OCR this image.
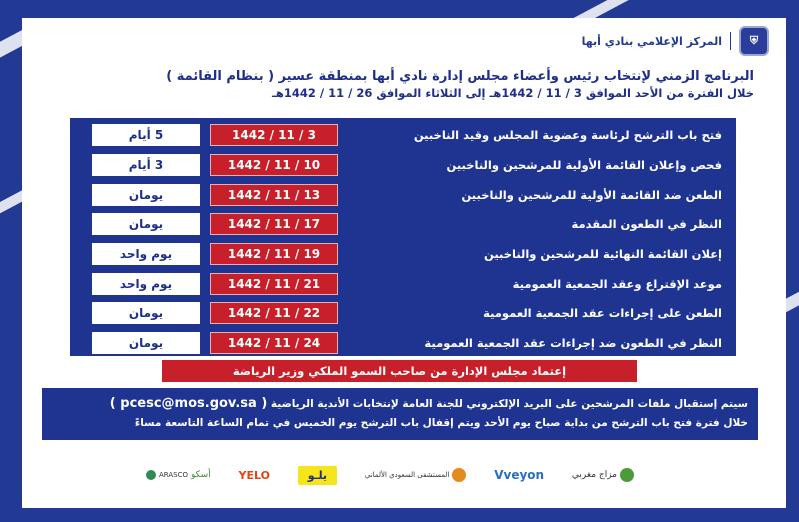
⛨
المركز الإعلامي بنادي أبها
البرنامج الزمني لإنتخاب رئيس وأعضاء مجلس إدارة نادي أبها بمنطقة عسير ( بنظام القائمة )
خلال الفترة من الأحد الموافق 3 / 11 / 1442هـ إلى الثلاثاء الموافق 26 / 11 / 1442هـ
فتح باب الترشح لرئاسة وعضوية المجلس وقيد الناخبين
3 / 11 / 1442
5 أيام
فحص وإعلان القائمة الأولية للمرشحين والناخبين
10 / 11 / 1442
3 أيام
الطعن ضد القائمة الأولية للمرشحين والناخبين
13 / 11 / 1442
يومان
النظر في الطعون المقدمة
17 / 11 / 1442
يومان
إعلان القائمة النهائية للمرشحين والناخبين
19 / 11 / 1442
يوم واحد
موعد الإقتراع وعقد الجمعية العمومية
21 / 11 / 1442
يوم واحد
الطعن على إجراءات عقد الجمعية العمومية
22 / 11 / 1442
يومان
النظر في الطعون ضد إجراءات عقد الجمعية العمومية
24 / 11 / 1442
يومان
إعتماد مجلس الإدارة من صاحب السمو الملكي وزير الرياضة
سيتم إستقبال ملفات المرشحين على البريد الإلكتروني للجنة العامة لإنتخابات الأندية الرياضية ( pcesc@mos.gov.sa )
خلال فترة فتح باب الترشح من بداية صباح يوم الأحد ويتم إقفال باب الترشح يوم الخميس في تمام الساعة التاسعة مساءً
مزاج مغربي
Vveyon
المستشفى السعودي الألماني
يلـو
YELO
أسكو
ARASCO
